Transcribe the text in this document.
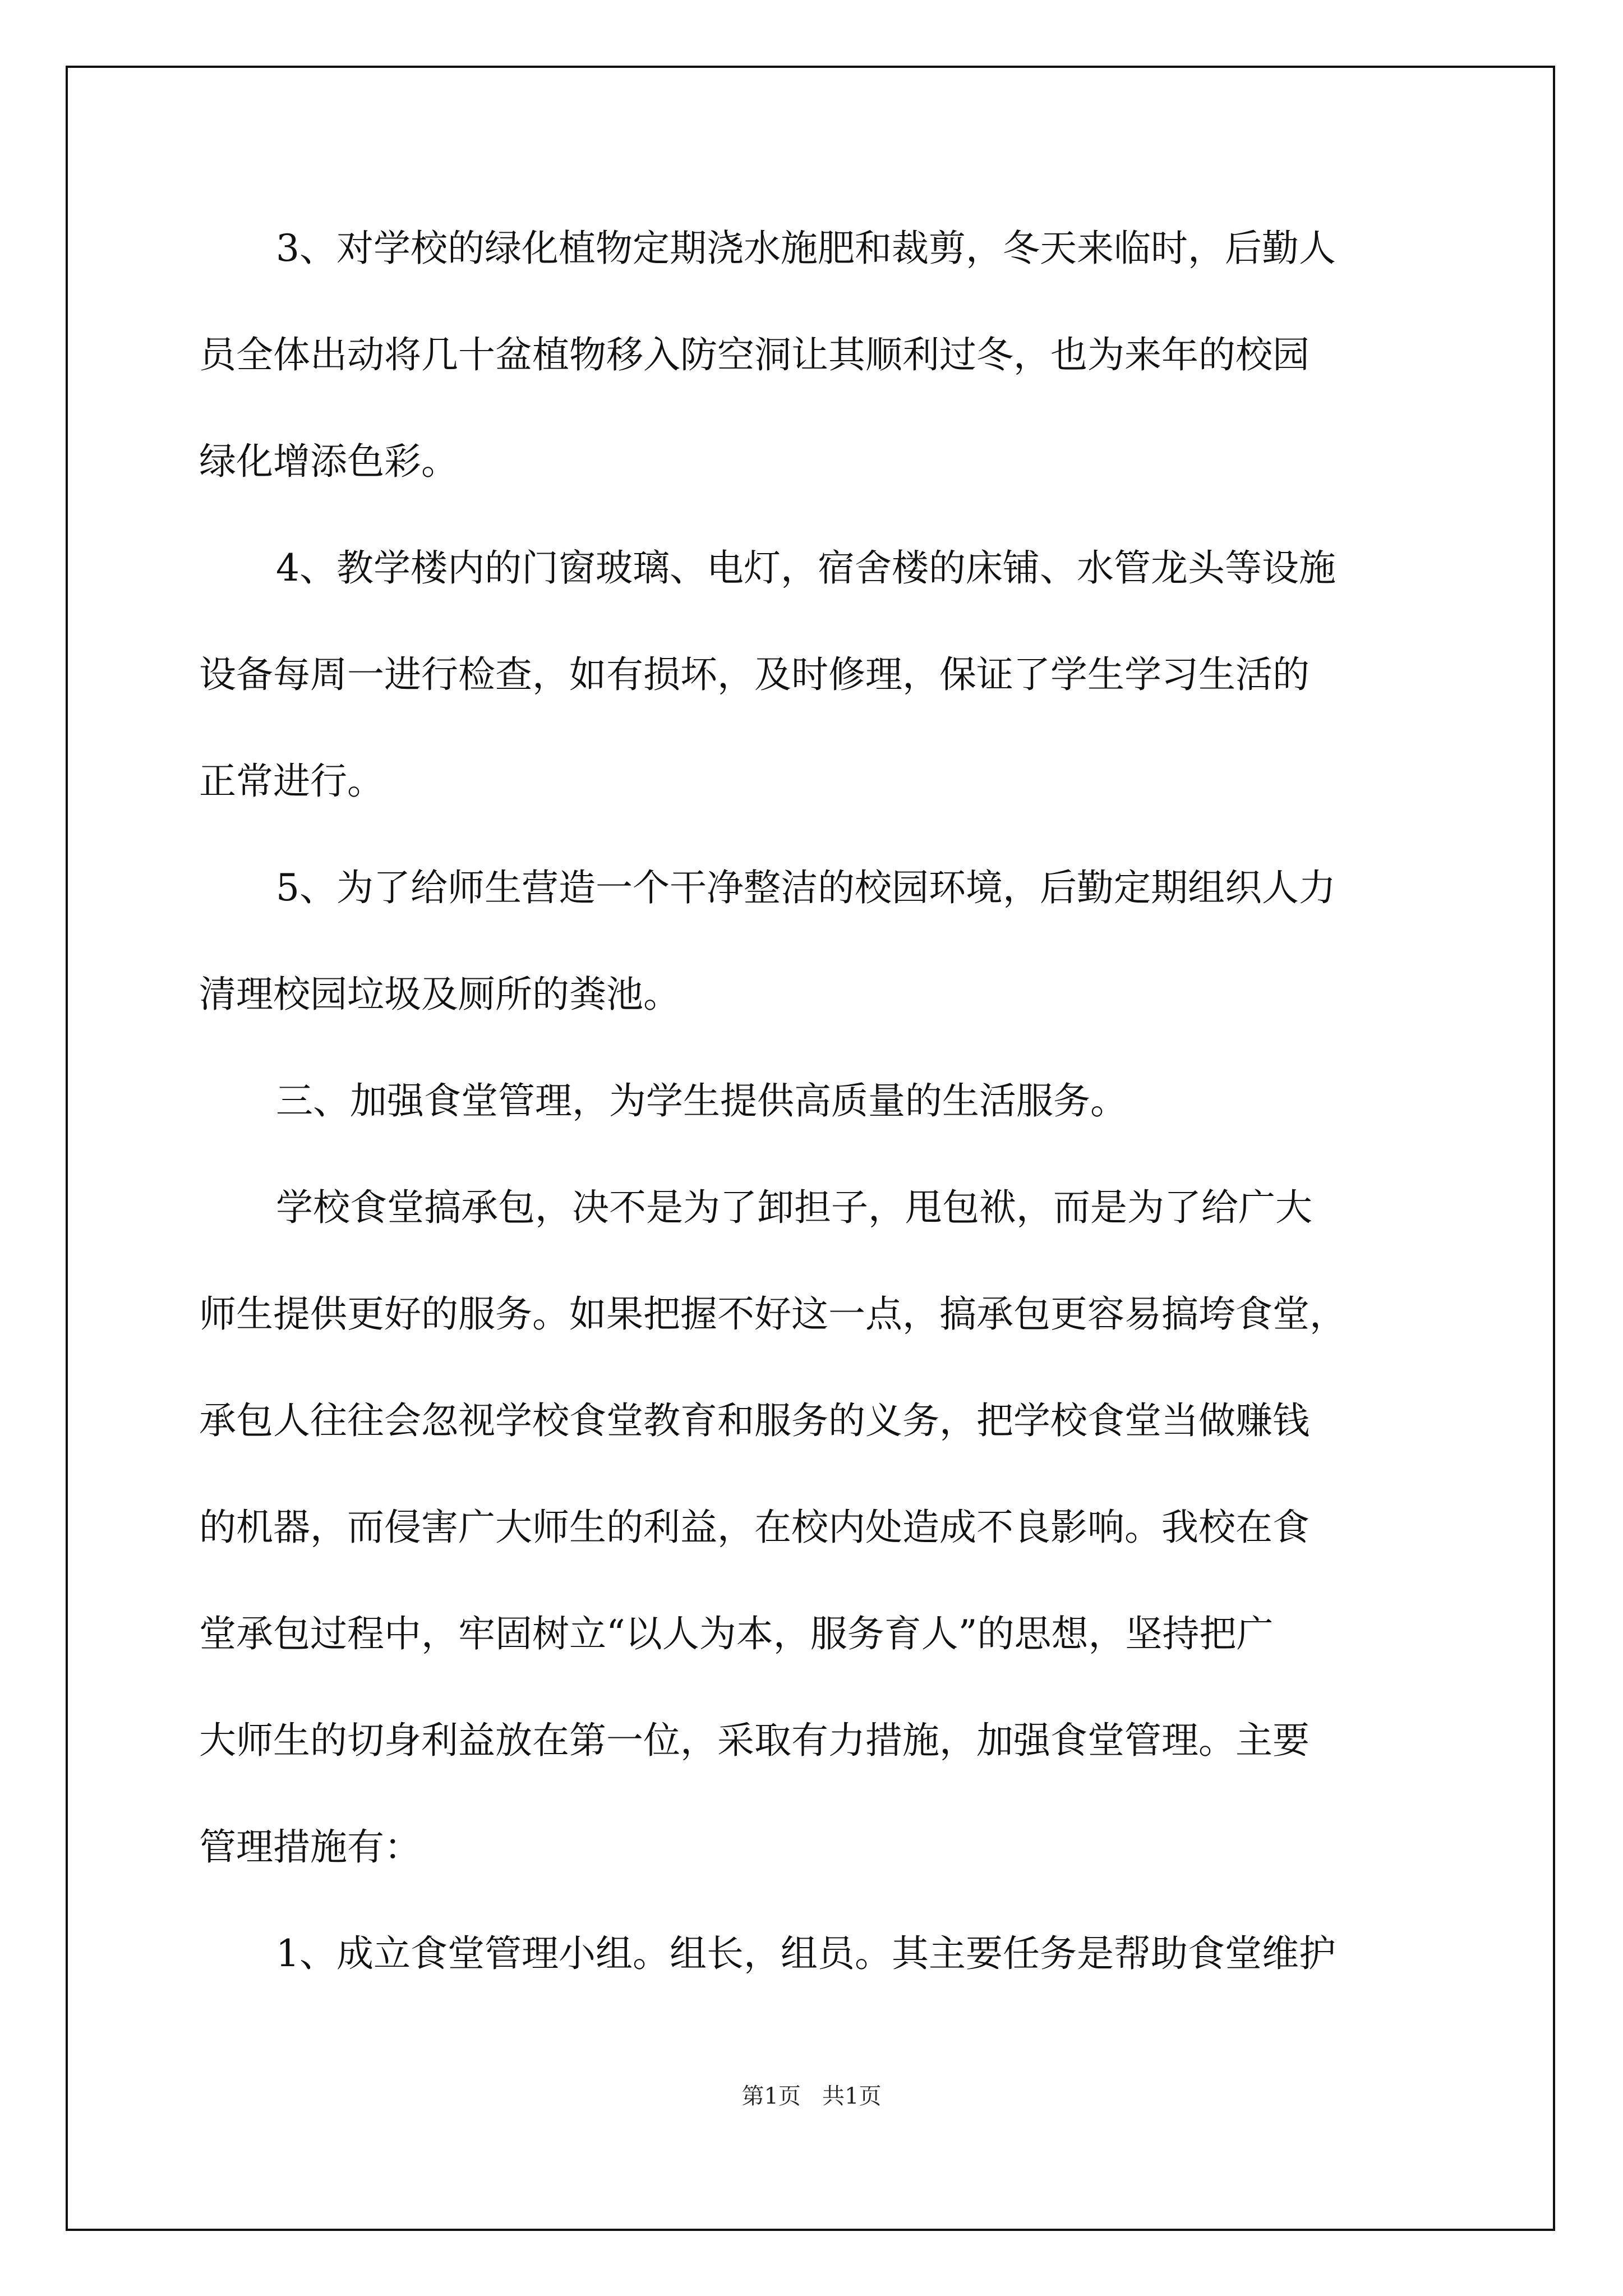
3、对学校的绿化植物定期浇水施肥和裁剪，冬天来临时，后勤人
员全体出动将几十盆植物移入防空洞让其顺利过冬，也为来年的校园
绿化增添色彩。
4、教学楼内的门窗玻璃、电灯，宿舍楼的床铺、水管龙头等设施
设备每周一进行检查，如有损坏，及时修理，保证了学生学习生活的
正常进行。
5、为了给师生营造一个干净整洁的校园环境，后勤定期组织人力
清理校园垃圾及厕所的粪池。
三、加强食堂管理，为学生提供高质量的生活服务。
学校食堂搞承包，决不是为了卸担子，甩包袱，而是为了给广大
师生提供更好的服务。如果把握不好这一点，搞承包更容易搞垮食堂，
承包人往往会忽视学校食堂教育和服务的义务，把学校食堂当做赚钱
的机器，而侵害广大师生的利益，在校内处造成不良影响。我校在食
堂承包过程中，牢固树立“以人为本，服务育人”的思想，坚持把广
大师生的切身利益放在第一位，采取有力措施，加强食堂管理。主要
管理措施有：
1、成立食堂管理小组。组长，组员。其主要任务是帮助食堂维护
第1页   共1页
